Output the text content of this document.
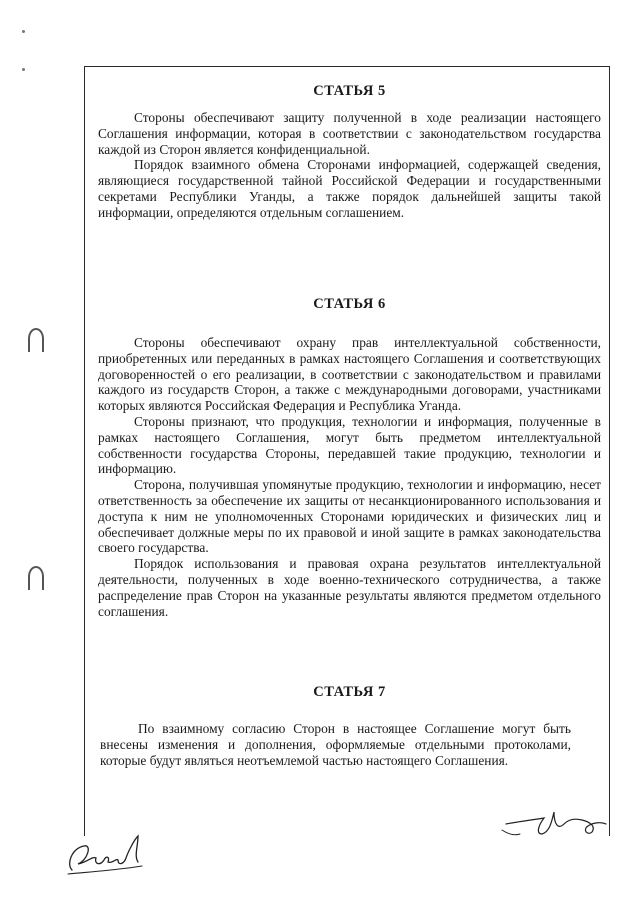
СТАТЬЯ 5

Стороны обеспечивают защиту полученной в ходе реализации настоящего Соглашения информации, которая в соответствии с законодательством государства каждой из Сторон является конфиденциальной.

Порядок взаимного обмена Сторонами информацией, содержащей сведения, являющиеся государственной тайной Российской Федерации и государственными секретами Республики Уганды, а также порядок дальнейшей защиты такой информации, определяются отдельным соглашением.

СТАТЬЯ 6

Стороны обеспечивают охрану прав интеллектуальной собственности, приобретенных или переданных в рамках настоящего Соглашения и соответствующих договоренностей о его реализации, в соответствии с законодательством и правилами каждого из государств Сторон, а также с международными договорами, участниками которых являются Российская Федерация и Республика Уганда.

Стороны признают, что продукция, технологии и информация, полученные в рамках настоящего Соглашения, могут быть предметом интеллектуальной собственности государства Стороны, передавшей такие продукцию, технологии и информацию.

Сторона, получившая упомянутые продукцию, технологии и информацию, несет ответственность за обеспечение их защиты от несанкционированного использования и доступа к ним не уполномоченных Сторонами юридических и физических лиц и обеспечивает должные меры по их правовой и иной защите в рамках законодательства своего государства.

Порядок использования и правовая охрана результатов интеллектуальной деятельности, полученных в ходе военно-технического сотрудничества, а также распределение прав Сторон на указанные результаты являются предметом отдельного соглашения.

СТАТЬЯ 7

По взаимному согласию Сторон в настоящее Соглашение могут быть внесены изменения и дополнения, оформляемые отдельными протоколами, которые будут являться неотъемлемой частью настоящего Соглашения.
